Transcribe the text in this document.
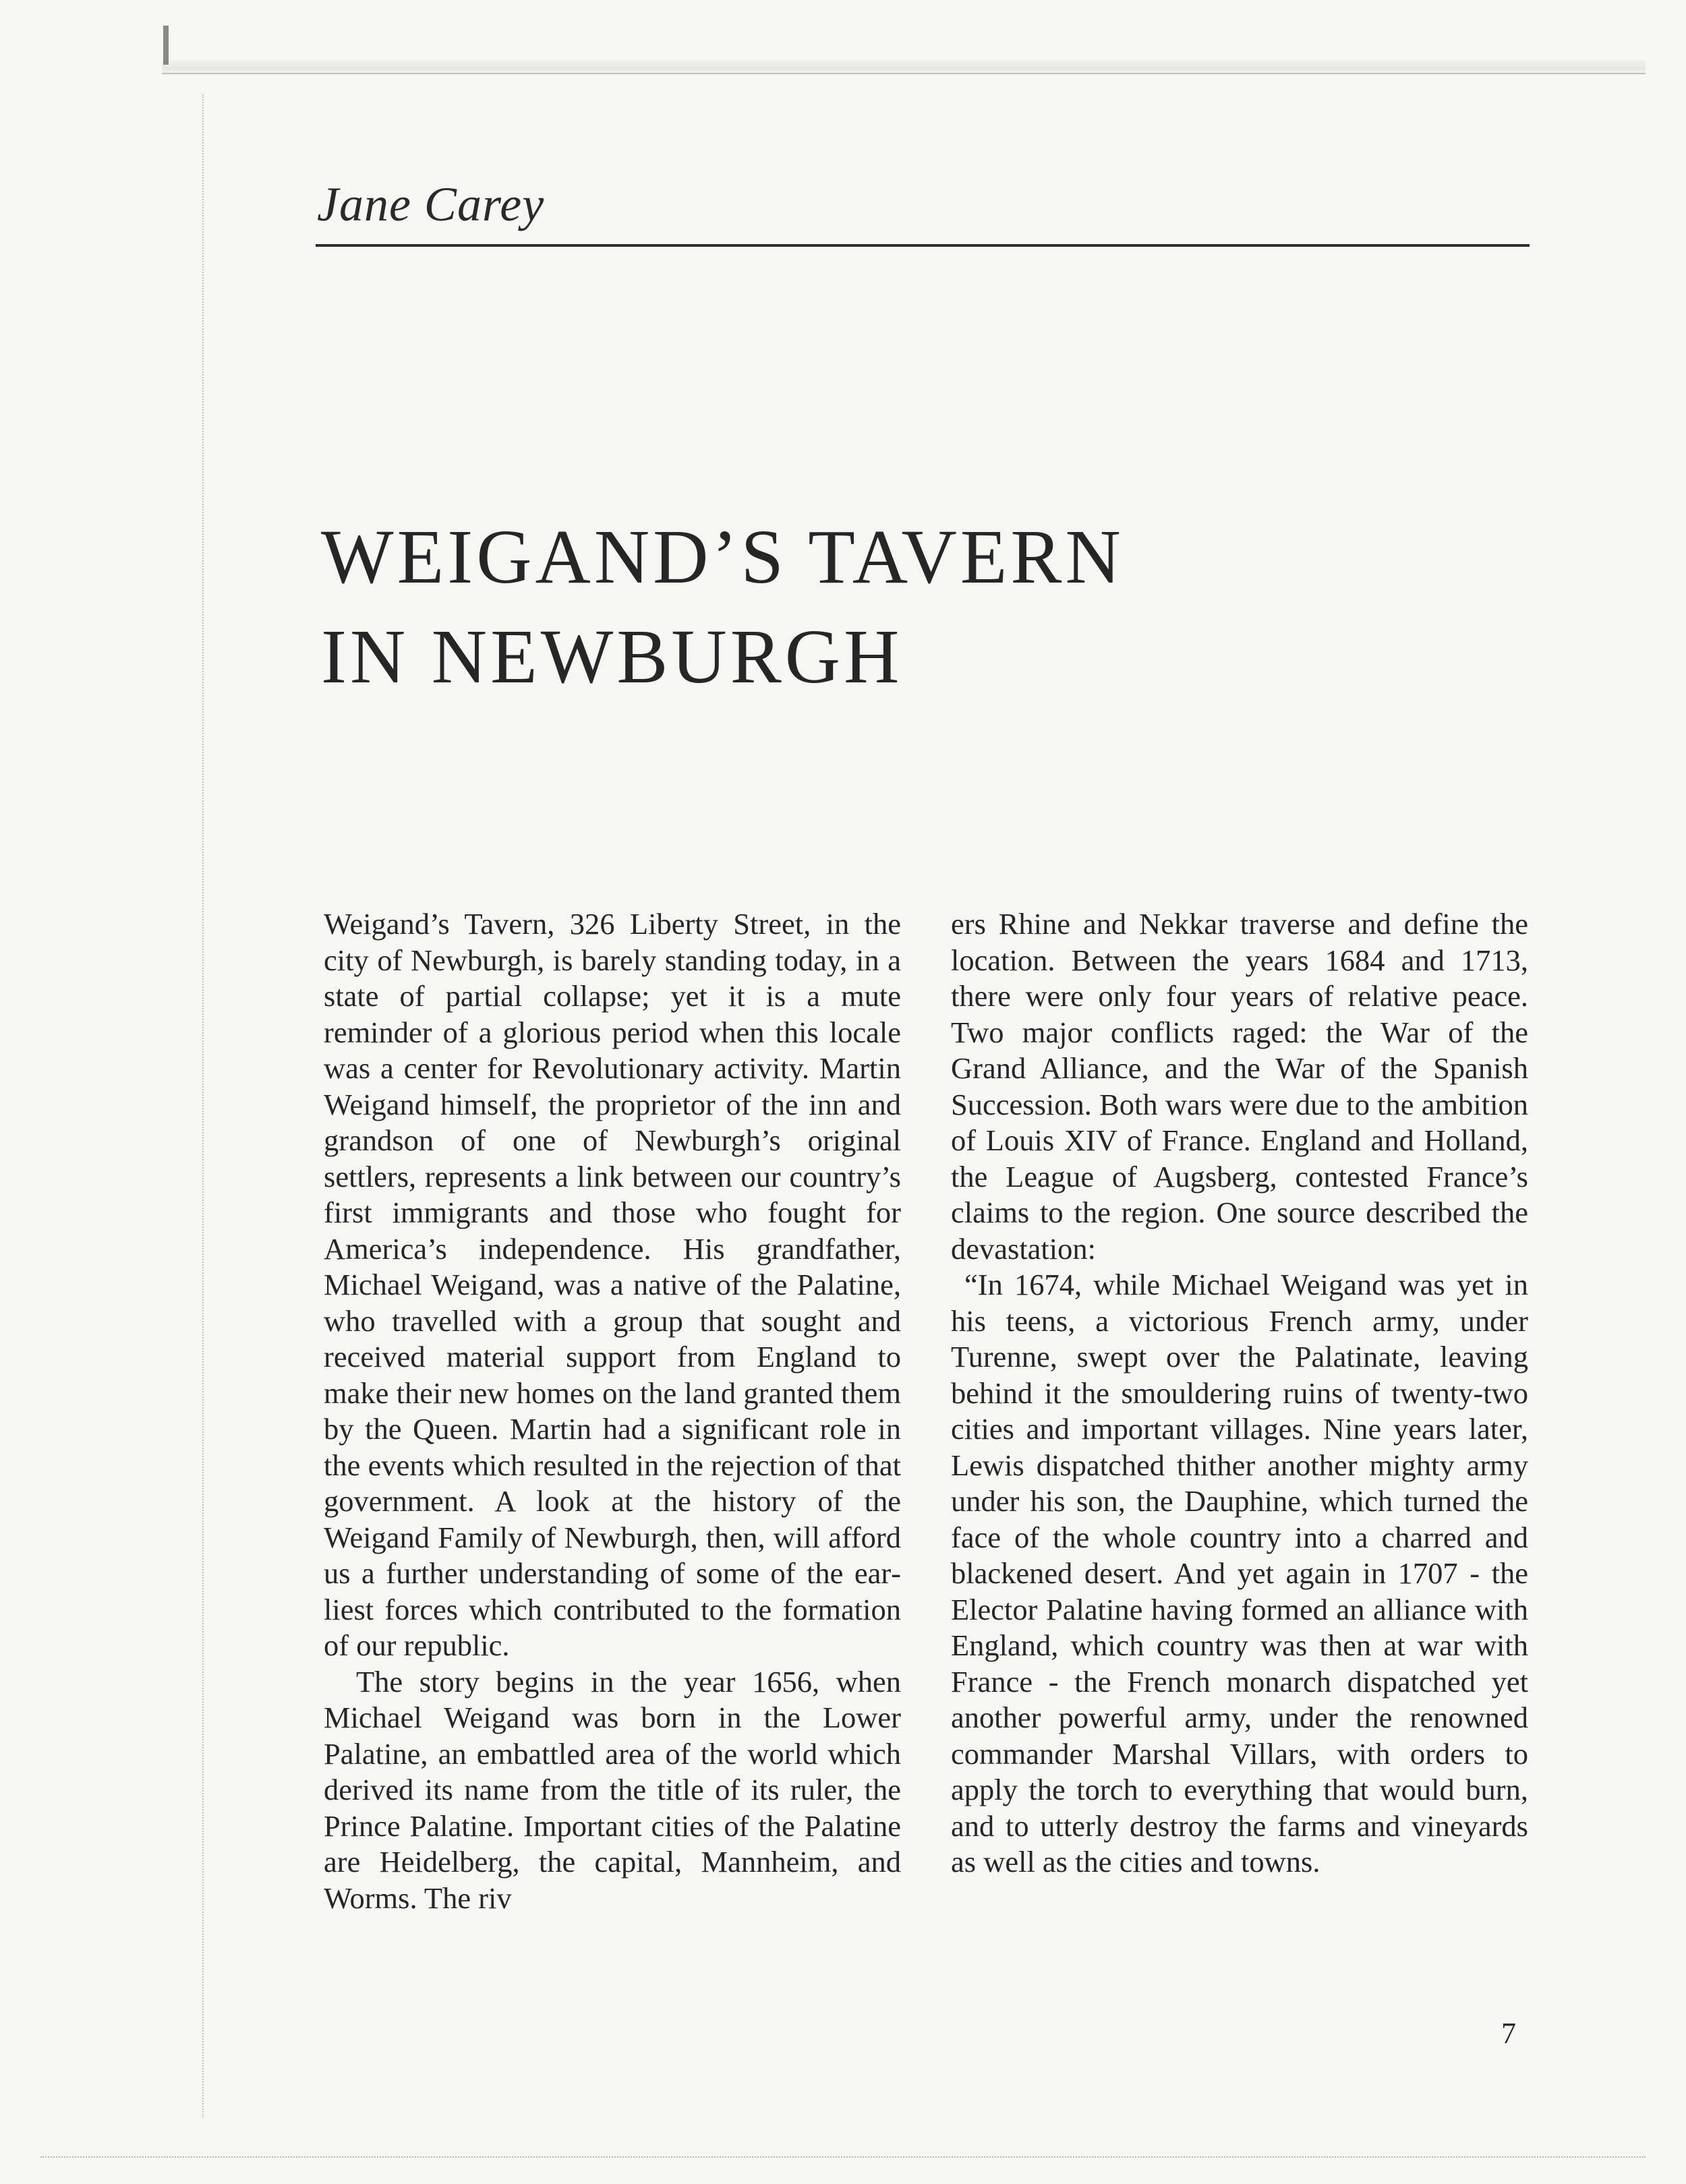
Jane Carey
WEIGAND’S TAVERN
IN NEWBURGH

Weigand’s Tavern, 326 Liberty Street, in the city of Newburgh, is barely standing today, in a state of partial collapse; yet it is a mute reminder of a glorious period when this locale was a center for Revolutionary activity. Martin Weigand himself, the proprietor of the inn and grandson of one of Newburgh’s original settlers, represents a link between our country’s first immigrants and those who fought for America’s independence. His grandfather, Michael Weigand, was a native of the Palatine, who travelled with a group that sought and received material support from England to make their new homes on the land granted them by the Queen. Martin had a significant role in the events which resulted in the rejection of that government. A look at the history of the Weigand Family of Newburgh, then, will afford us a further understanding of some of the earliest forces which contributed to the formation of our republic.

The story begins in the year 1656, when Michael Weigand was born in the Lower Palatine, an embattled area of the world which derived its name from the title of its ruler, the Prince Palatine. Important cities of the Palatine are Heidelberg, the capital, Mannheim, and Worms. The riv

ers Rhine and Nekkar traverse and define the location. Between the years 1684 and 1713, there were only four years of relative peace. Two major conflicts raged: the War of the Grand Alliance, and the War of the Spanish Succession. Both wars were due to the ambition of Louis XIV of France. England and Holland, the League of Augsberg, contested France’s claims to the region. One source described the devastation:

“In 1674, while Michael Weigand was yet in his teens, a victorious French army, under Turenne, swept over the Palatinate, leaving behind it the smouldering ruins of twenty-two cities and important villages. Nine years later, Lewis dispatched thither another mighty army under his son, the Dauphine, which turned the face of the whole country into a charred and blackened desert. And yet again in 1707 - the Elector Palatine having formed an alliance with England, which country was then at war with France - the French monarch dispatched yet another powerful army, under the renowned commander Marshal Villars, with orders to apply the torch to everything that would burn, and to utterly destroy the farms and vineyards as well as the cities and towns.

7
